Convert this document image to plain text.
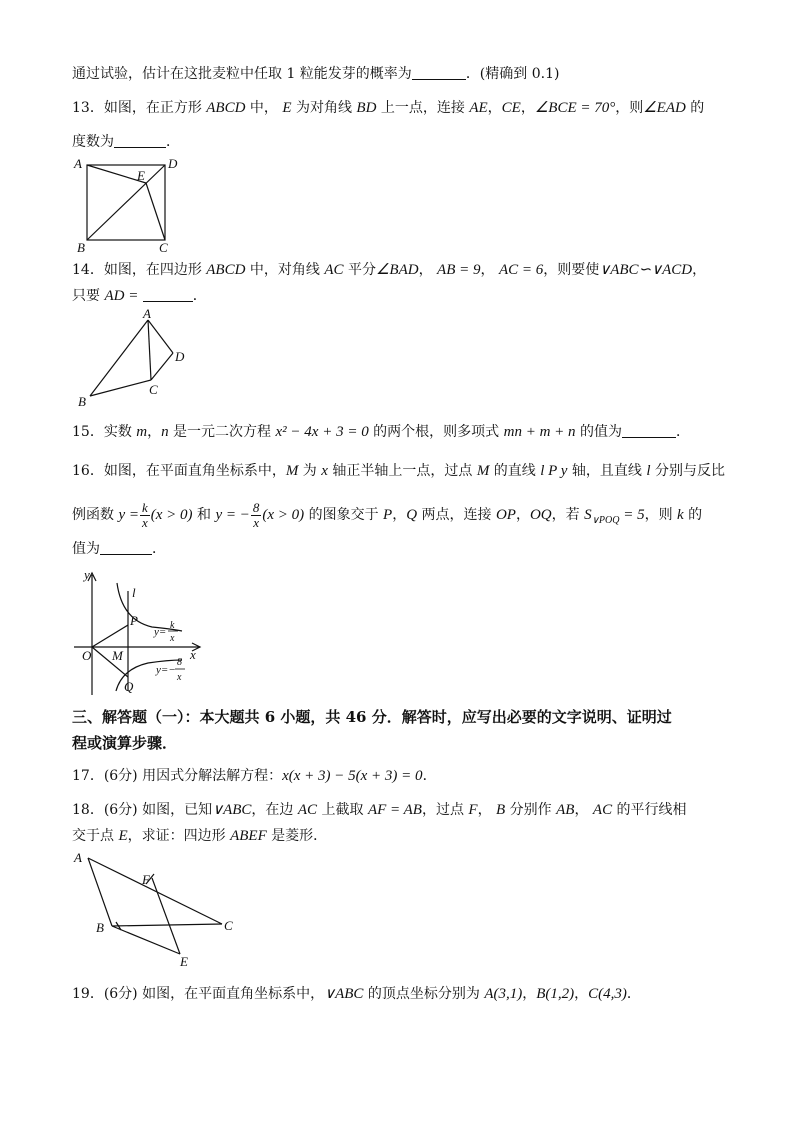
通过试验，估计在这批麦粒中任取 1 粒能发芽的概率为	．(精确到 0.1)
13．如图，在正方形 ABCD 中， E 为对角线 BD 上一点，连接 AE，CE，∠BCE = 70°，则∠EAD 的
度数为	．
A	D
E
B	C
14．如图，在四边形 ABCD 中，对角线 AC 平分∠BAD， AB = 9， AC = 6，则要使∨ABC∽∨ACD，
只要 AD =	．
A
D
C
B
15．实数 m，n 是一元二次方程 x² − 4x + 3 = 0 的两个根，则多项式 mn + m + n 的值为	．
16．如图，在平面直角坐标系中，M 为 x 轴正半轴上一点，过点 M 的直线 l P y 轴，且直线 l 分别与反比
例函数 $y = \frac{k}{x} (x > 0)$ 和 y = − $\frac{8}{x} (x > 0)$ 的图象交于 P，Q 两点，连接 OP，OQ，若 $S_{\vee POQ} = 5$，则 k 的
值为	．
y
x
O M
P
Q
l
y=
k
x
y=−
8
x
三、解答题（一）：本大题共 6 小题，共 46 分．解答时，应写出必要的文字说明、证明过
程或演算步骤．
17．(6分) 用因式分解法解方程：x(x + 3) − 5(x + 3) = 0．
18．(6分) 如图，已知∨ABC，在边 AC 上截取 AF = AB，过点 F， B 分别作 AB， AC 的平行线相
交于点 E，求证：四边形 ABEF 是菱形．
A
F
B	C
E
19．(6分) 如图，在平面直角坐标系中，∨ABC 的顶点坐标分别为 A(3,1)，B(1,2)，C(4,3)．
